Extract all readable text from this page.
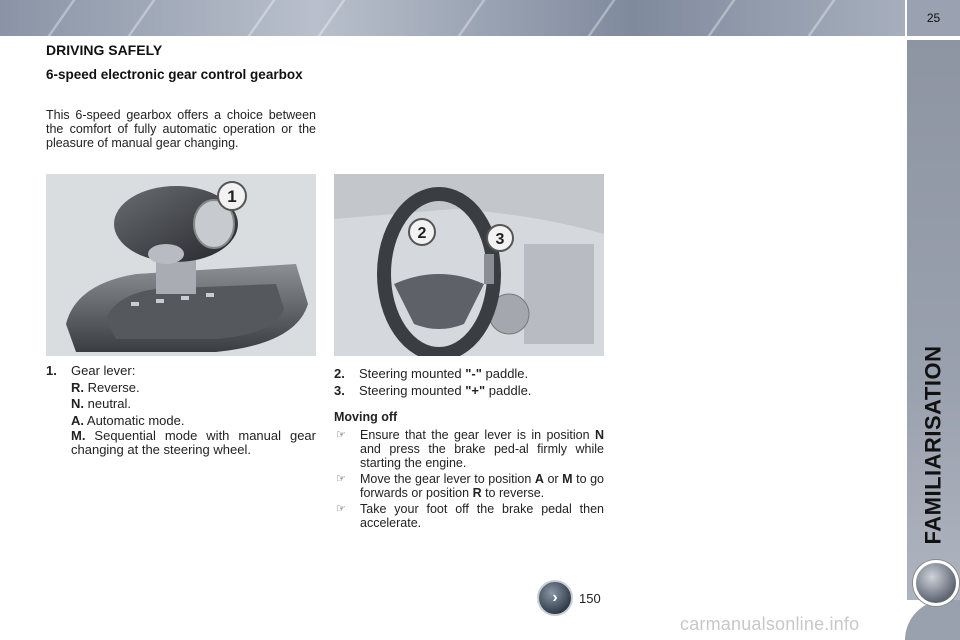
25
FAMILIARISATION
DRIVING SAFELY
6-speed electronic gear control gearbox
This 6-speed gearbox offers a choice between the comfort of fully automatic operation or the pleasure of manual gear changing.
1
2	3
1.	Gear lever:
R. Reverse.
N. neutral.
A. Automatic mode.
M. Sequential mode with manual gear changing at the steering wheel.
2.	Steering mounted "-" paddle.
3.	Steering mounted "+" paddle.
Moving off
☞	Ensure that the gear lever is in position N and press the brake ped-al firmly while starting the engine.
☞	Move the gear lever to position A or M to go forwards or position R to reverse.
☞	Take your foot off the brake pedal then accelerate.
›	150
carmanualsonline.info
